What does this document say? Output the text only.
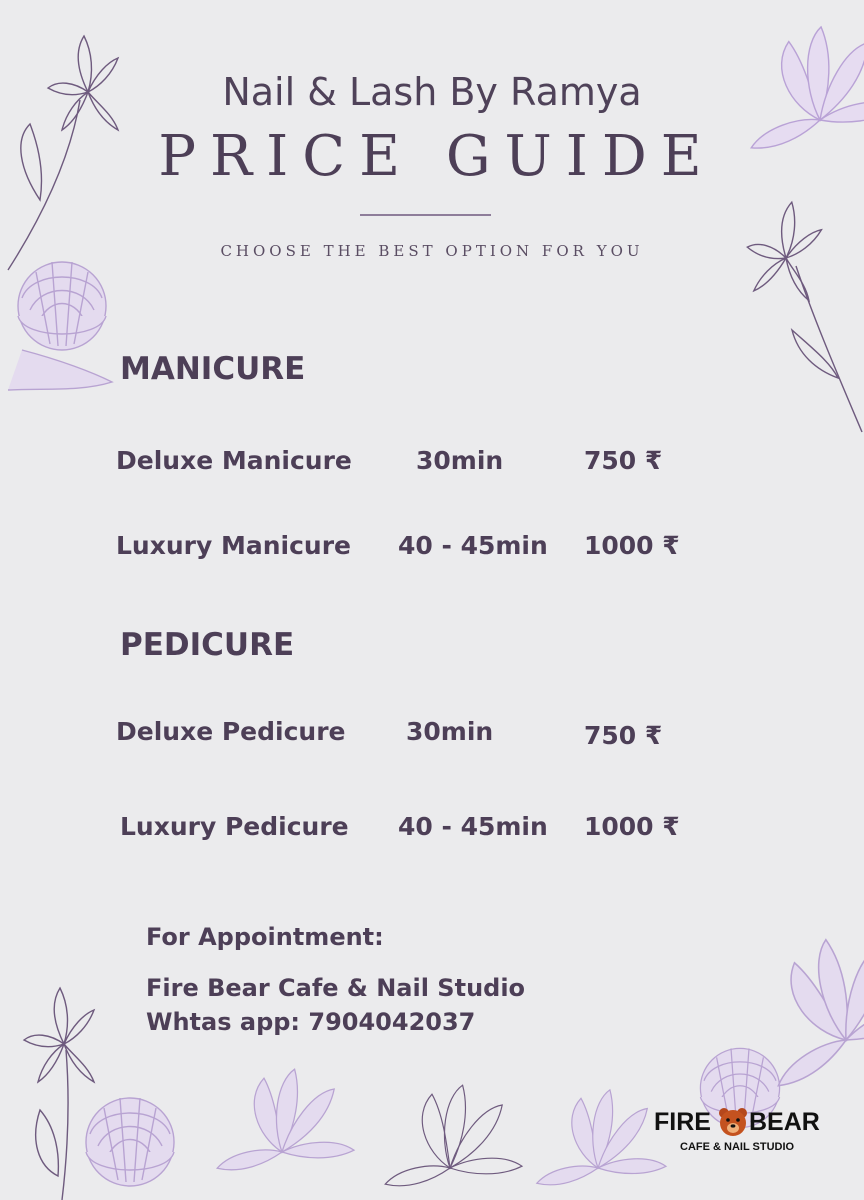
Nail & Lash By Ramya
PRICE GUIDE
CHOOSE THE BEST OPTION FOR YOU
MANICURE
Deluxe Manicure	30min	750 ₹
Luxury Manicure 40 - 45min 1000 ₹
PEDICURE
Deluxe Pedicure 30min	750 ₹
Luxury Pedicure 40 - 45min 1000 ₹
For Appointment:
Fire Bear Cafe & Nail Studio
Whtas app: 7904042037
FIRE BEAR
CAFE & NAIL STUDIO
